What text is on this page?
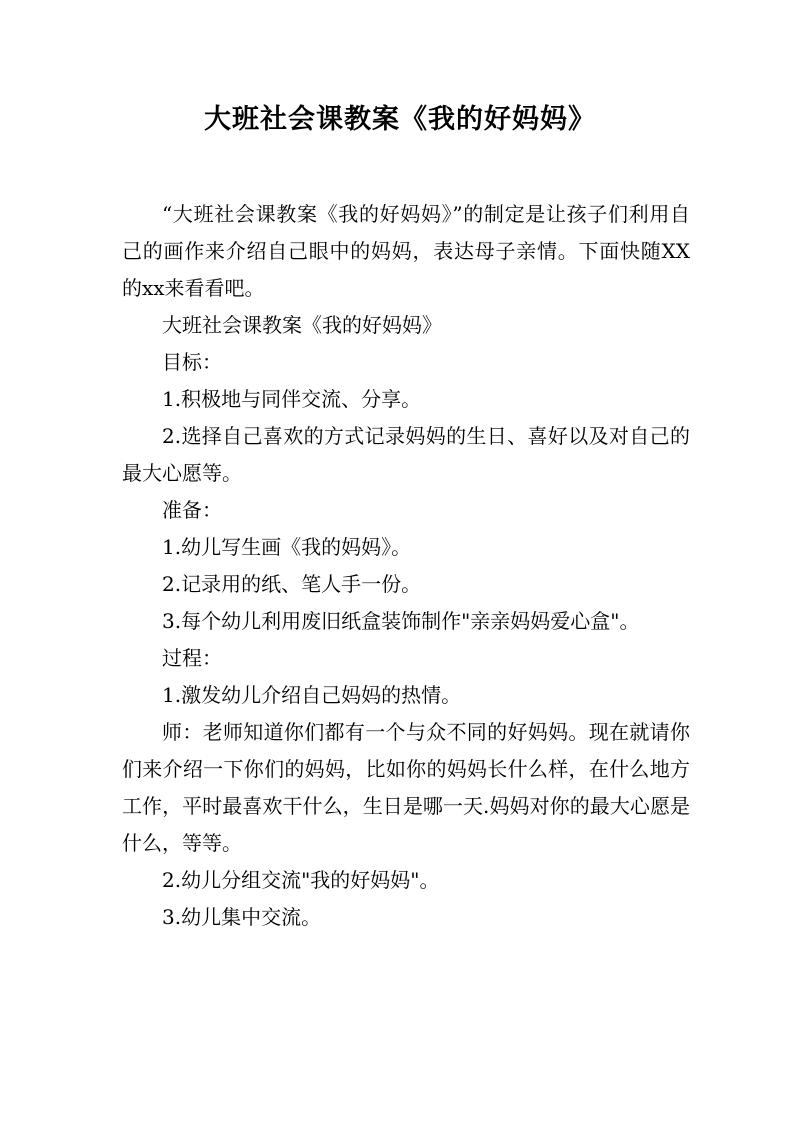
大班社会课教案《我的好妈妈》

“大班社会课教案《我的好妈妈》”的制定是让孩子们利用自己的画作来介绍自己眼中的妈妈，表达母子亲情。下面快随XX的xx来看看吧。

大班社会课教案《我的好妈妈》

目标：

1.积极地与同伴交流、分享。

2.选择自己喜欢的方式记录妈妈的生日、喜好以及对自己的最大心愿等。

准备：

1.幼儿写生画《我的妈妈》。

2.记录用的纸、笔人手一份。

3.每个幼儿利用废旧纸盒装饰制作"亲亲妈妈爱心盒"。

过程：

1.激发幼儿介绍自己妈妈的热情。

师：老师知道你们都有一个与众不同的好妈妈。现在就请你们来介绍一下你们的妈妈，比如你的妈妈长什么样，在什么地方工作，平时最喜欢干什么，生日是哪一天.妈妈对你的最大心愿是什么，等等。

2.幼儿分组交流"我的好妈妈"。

3.幼儿集中交流。
